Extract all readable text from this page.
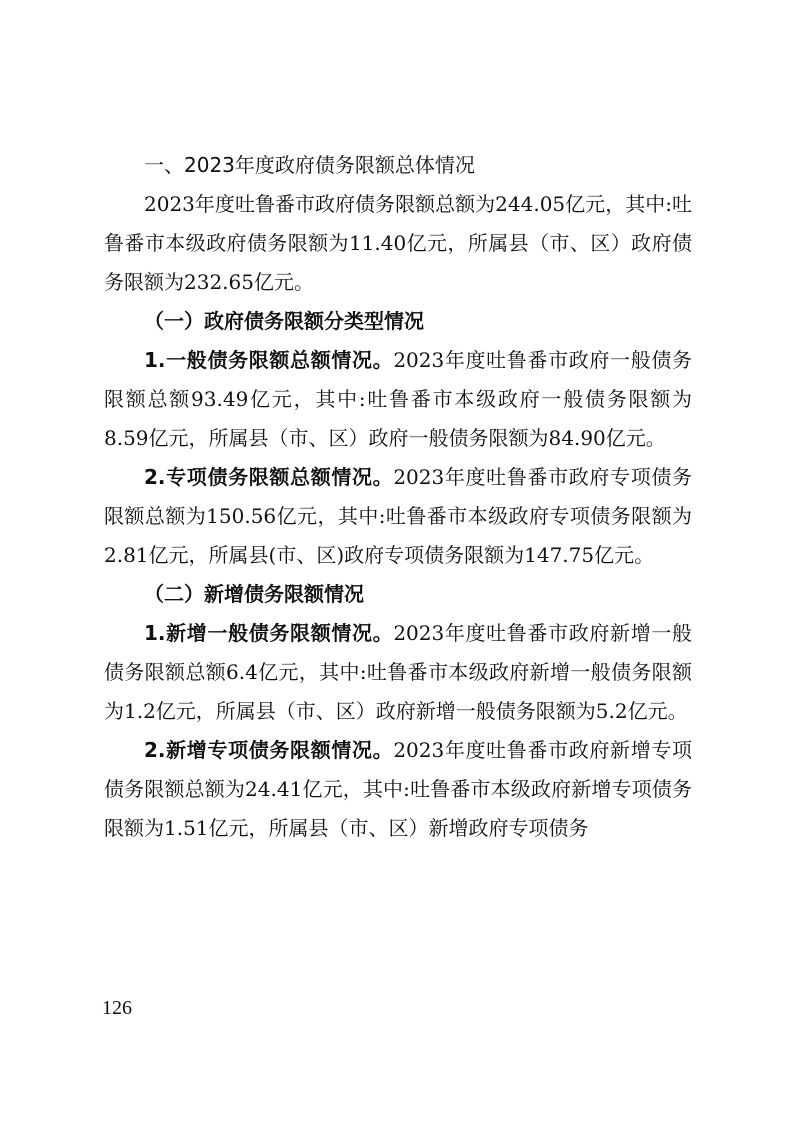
一、2023年度政府债务限额总体情况

2023年度吐鲁番市政府债务限额总额为244.05亿元，其中:吐鲁番市本级政府债务限额为11.40亿元，所属县（市、区）政府债务限额为232.65亿元。

（一）政府债务限额分类型情况

1.一般债务限额总额情况。2023年度吐鲁番市政府一般债务限额总额93.49亿元，其中:吐鲁番市本级政府一般债务限额为8.59亿元，所属县（市、区）政府一般债务限额为84.90亿元。

2.专项债务限额总额情况。2023年度吐鲁番市政府专项债务限额总额为150.56亿元，其中:吐鲁番市本级政府专项债务限额为2.81亿元，所属县(市、区)政府专项债务限额为147.75亿元。

（二）新增债务限额情况

1.新增一般债务限额情况。2023年度吐鲁番市政府新增一般债务限额总额6.4亿元，其中:吐鲁番市本级政府新增一般债务限额为1.2亿元，所属县（市、区）政府新增一般债务限额为5.2亿元。

2.新增专项债务限额情况。2023年度吐鲁番市政府新增专项债务限额总额为24.41亿元，其中:吐鲁番市本级政府新增专项债务限额为1.51亿元，所属县（市、区）新增政府专项债务

126
